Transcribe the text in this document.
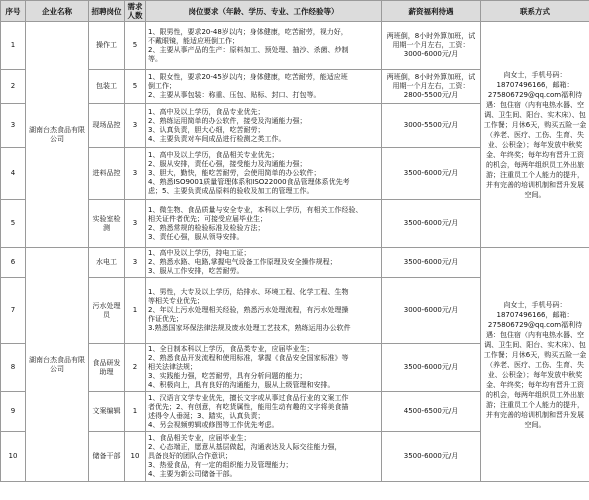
序号	企业名称	招聘岗位	需求人数	岗位要求（年龄、学历、专业、工作经验等）	薪资福利待遇	联系方式
1	湖南台杰食品有限公司	操作工	5	1、限男性，要求20-48岁以内；身体健康，吃苦耐劳，视力好，
不戴眼镜，能适应班倒工作；
2、主要从事产品的生产：原料加工、预处理、抽沙、杀菌、炒制
等。	两班倒，8小时外算加班，试用期一个月左右，工资：3000-6000元/月	向女士，手机号码：18707496166，邮箱：275806729@qq.com福利待遇：包住宿（内有电热水器、空调、卫生间、阳台、实木床）、包工作餐；月休6天，购买五险一金（养老、医疗、工伤、生育、失业、公积金）；每年发放中秋奖金、年终奖；每年均有晋升工资的机会，每两年组织员工外出旅游；注重员工个人能力的提升，并有完善的培训机制和晋升发展空间。
2		包装工	5	1、限女性，要求20-45岁以内；身体健康，吃苦耐劳，能适应班
倒工作；
2、主要从事包装：称重、压包、贴标、封口、打包等。	两班倒，8小时外算加班，试用期一个月左右，工资：2800-5500元/月	
3		现场品控	3	1、高中及以上学历，食品专业优先；
2、熟练运用简单的办公软件，接受及沟通能力强；
3、认真负责，胆大心细，吃苦耐劳；
4、主要负责对车间成品进行检测之类工作。	3000-5500元/月	
4		进料品控	3	1、高中及以上学历，食品相关专业优先；
2、服从安排，责任心强，接受能力及沟通能力强；
3、胆大，勤快，能吃苦耐劳，会使用简单的办公软件；
4、熟悉ISO9001质量管理体系和ISO22000食品管理体系优先考
虑；5、主要负责成品原料的验收及加工的管理工作。	3500-6000元/月	
5		实验室检测	3	1、微生物、食品质量与安全专业，本科以上学历，有相关工作经验、
相关证件者优先；可接受应届毕业生；
2、熟悉常规的检验标准及检验方法；
3、责任心强，服从领导安排。	3500-6000元/月	
6	湖南台杰食品有限公司	水电工	3	1、高中及以上学历，持电工证；
2、熟悉水路、电路,掌握电气设备工作原理及安全操作规程；
3、服从工作安排，吃苦耐劳。	3500-6000元/月	向女士，手机号码：18707496166，邮箱：275806729@qq.com福利待遇：包住宿（内有电热水器、空调、卫生间、阳台、实木床）、包工作餐；月休6天，购买五险一金（养老、医疗、工伤、生育、失业、公积金）；每年发放中秋奖金、年终奖；每年均有晋升工资的机会，每两年组织员工外出旅游；注重员工个人能力的提升，并有完善的培训机制和晋升发展空间。
7		污水处理员	1	1、男性，大专及以上学历，给排水、环境工程、化学工程、生物
等相关专业优先；
2、年以上污水处理相关经验，熟悉污水处理流程，有污水处理操
作证优先；
3.熟悉国家环保法律法规及废水处理工艺技术，熟练运用办公软件	3000-6000元/月	
8		食品研发助理	2	1、全日制本科以上学历，食品类专业，应届毕业生；
2、熟悉食品开发流程和使用标准，掌握《食品安全国家标准》等
相关法律法规；
3、实践能力强，吃苦耐劳，具有分析问题的能力；
4、积极向上，具有良好的沟通能力，服从上级管理和安排。	3500-6000元/月	
9		文案编辑	1	1、汉语言文学专业优先，擅长文字或从事过食品行业的文案工作
者优先；2、有创意，有吃货属性，能用生动有趣的文字将美食描
述得令人垂涎；3、踏实，认真负责；
4、另会视频剪辑或修图等工作优先考虑。	4500-6500元/月	
10		储备干部	10	1、食品相关专业，应届毕业生；
2、心态端正，愿意从基层做起，沟通表达及人际交往能力强，
具备良好的团队合作意识；
3、热爱食品，有一定的组织能力及管理能力；
4、主要为新公司储备干部。	3500-6000元/月	
